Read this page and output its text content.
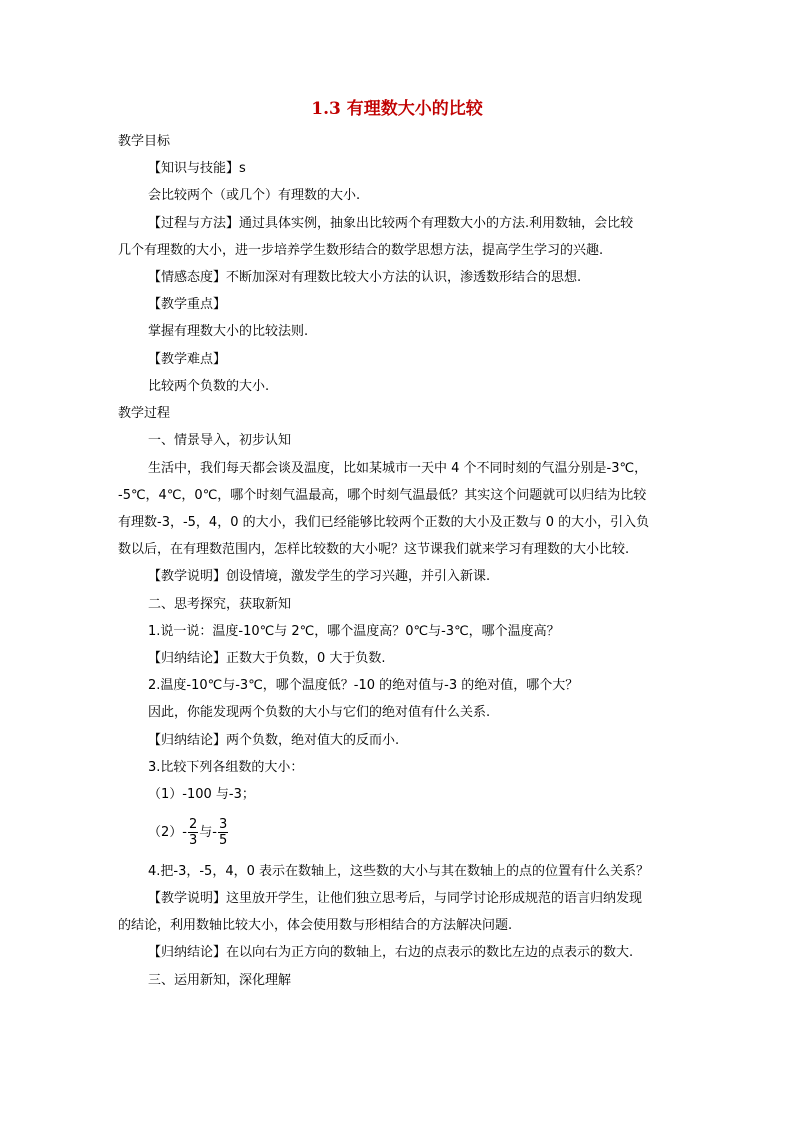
1.3 有理数大小的比较
教学目标
【知识与技能】s
会比较两个（或几个）有理数的大小.
【过程与方法】通过具体实例，抽象出比较两个有理数大小的方法.利用数轴，会比较
几个有理数的大小，进一步培养学生数形结合的数学思想方法，提高学生学习的兴趣.
【情感态度】不断加深对有理数比较大小方法的认识，渗透数形结合的思想.
【教学重点】
掌握有理数大小的比较法则.
【教学难点】
比较两个负数的大小.
教学过程
一、情景导入，初步认知
生活中，我们每天都会谈及温度，比如某城市一天中 4 个不同时刻的气温分别是-3℃，
-5℃，4℃，0℃，哪个时刻气温最高，哪个时刻气温最低？其实这个问题就可以归结为比较
有理数-3，-5，4，0 的大小，我们已经能够比较两个正数的大小及正数与 0 的大小，引入负
数以后，在有理数范围内，怎样比较数的大小呢？这节课我们就来学习有理数的大小比较.
【教学说明】创设情境，激发学生的学习兴趣，并引入新课.
二、思考探究，获取新知
1.说一说：温度-10℃与 2℃，哪个温度高？0℃与-3℃，哪个温度高？
【归纳结论】正数大于负数，0 大于负数.
2.温度-10℃与-3℃，哪个温度低？-10 的绝对值与-3 的绝对值，哪个大？
因此，你能发现两个负数的大小与它们的绝对值有什么关系.
【归纳结论】两个负数，绝对值大的反而小.
3.比较下列各组数的大小：
（1）-100 与-3；
$(2)- \frac{2}{3}$ 与- $\frac{3}{5}$
4.把-3，-5，4，0 表示在数轴上，这些数的大小与其在数轴上的点的位置有什么关系？
【教学说明】这里放开学生，让他们独立思考后，与同学讨论形成规范的语言归纳发现
的结论，利用数轴比较大小，体会使用数与形相结合的方法解决问题.
【归纳结论】在以向右为正方向的数轴上，右边的点表示的数比左边的点表示的数大.
三、运用新知，深化理解
